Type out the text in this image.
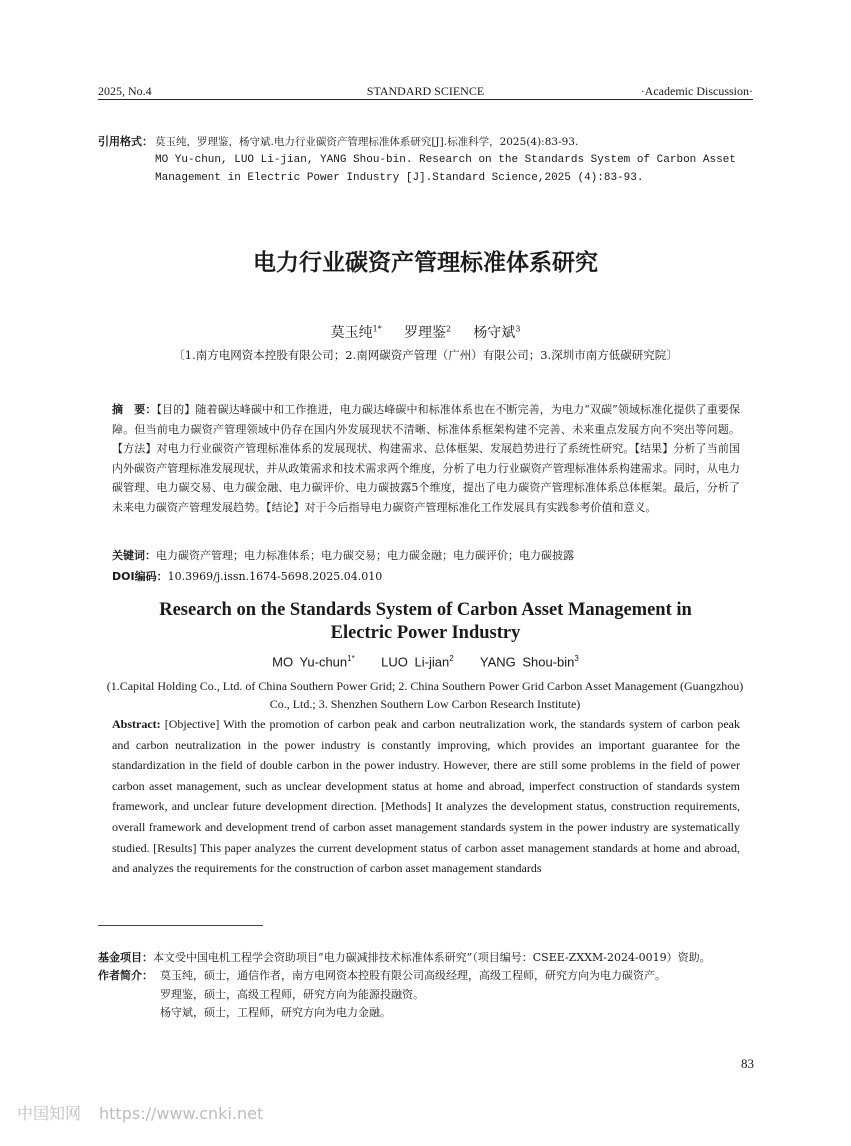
2025, No.4	STANDARD SCIENCE	·Academic Discussion·
引用格式： 莫玉纯，罗理鉴，杨守斌.电力行业碳资产管理标准体系研究[J].标准科学，2025(4):83-93.
MO Yu-chun, LUO Li-jian, YANG Shou-bin. Research on the Standards System of Carbon Asset
Management in Electric Power Industry [J].Standard Science,2025 (4):83-93.
电力行业碳资产管理标准体系研究
莫玉纯$^{1*}$ 罗理鉴$^2$ 杨守斌$^3$
〔1.南方电网资本控股有限公司；2.南网碳资产管理（广州）有限公司；3.深圳市南方低碳研究院〕
摘　要：【目的】随着碳达峰碳中和工作推进，电力碳达峰碳中和标准体系也在不断完善，为电力“双碳”领域标准化提供了重要保障。但当前电力碳资产管理领域中仍存在国内外发展现状不清晰、标准体系框架构建不完善、未来重点发展方向不突出等问题。【方法】对电力行业碳资产管理标准体系的发展现状、构建需求、总体框架、发展趋势进行了系统性研究。【结果】分析了当前国内外碳资产管理标准发展现状，并从政策需求和技术需求两个维度，分析了电力行业碳资产管理标准体系构建需求。同时，从电力碳管理、电力碳交易、电力碳金融、电力碳评价、电力碳披露5个维度，提出了电力碳资产管理标准体系总体框架。最后，分析了未来电力碳资产管理发展趋势。【结论】对于今后指导电力碳资产管理标准化工作发展具有实践参考价值和意义。
关键词：电力碳资产管理；电力标准体系；电力碳交易；电力碳金融；电力碳评价；电力碳披露
DOI编码：10.3969/j.issn.1674-5698.2025.04.010
Research on the Standards System of Carbon Asset Management in
Electric Power Industry
MO Yu-chun$^{1*}$ LUO Li-jian$^2$ YANG Shou-bin$^3$
(1.Capital Holding Co., Ltd. of China Southern Power Grid; 2. China Southern Power Grid Carbon Asset Management (Guangzhou) Co., Ltd.; 3. Shenzhen Southern Low Carbon Research Institute)
Abstract: [Objective] With the promotion of carbon peak and carbon neutralization work, the standards system of carbon peak and carbon neutralization in the power industry is constantly improving, which provides an important guarantee for the standardization in the field of double carbon in the power industry. However, there are still some problems in the field of power carbon asset management, such as unclear development status at home and abroad, imperfect construction of standards system framework, and unclear future development direction. [Methods] It analyzes the development status, construction requirements, overall framework and development trend of carbon asset management standards system in the power industry are systematically studied. [Results] This paper analyzes the current development status of carbon asset management standards at home and abroad, and analyzes the requirements for the construction of carbon asset management standards
基金项目：本文受中国电机工程学会资助项目“电力碳减排技术标准体系研究”（项目编号：CSEE-ZXXM-2024-0019）资助。
作者简介： 莫玉纯，硕士，通信作者，南方电网资本控股有限公司高级经理，高级工程师，研究方向为电力碳资产。
罗理鉴，硕士，高级工程师，研究方向为能源投融资。
杨守斌，硕士，工程师，研究方向为电力金融。
83
中国知网 https://www.cnki.net
